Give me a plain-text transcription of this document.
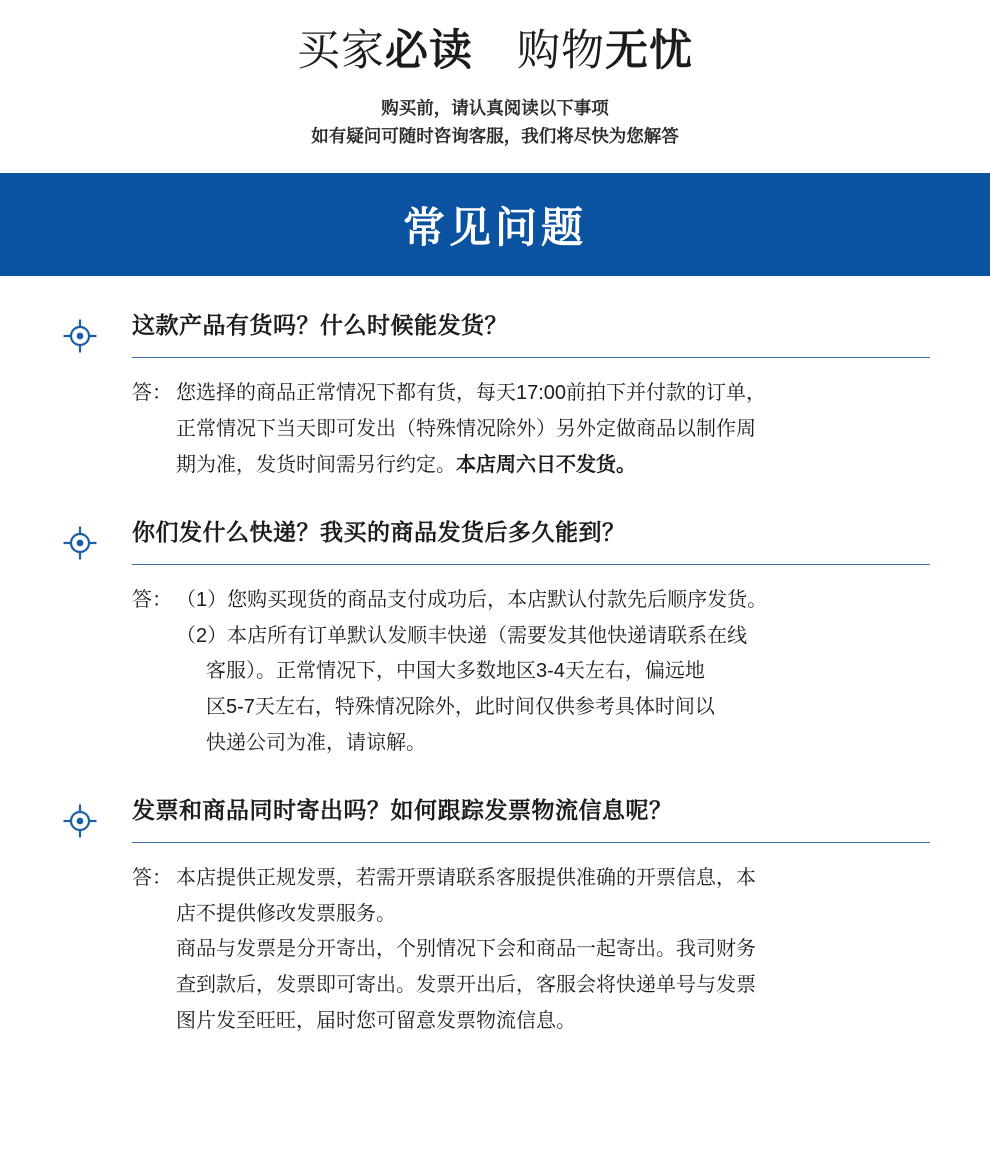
买家必读　购物无忧
购买前，请认真阅读以下事项
如有疑问可随时咨询客服，我们将尽快为您解答
常见问题
这款产品有货吗？什么时候能发货？
答： 您选择的商品正常情况下都有货，每天17:00前拍下并付款的订单，

正常情况下当天即可发出（特殊情况除外）另外定做商品以制作周

期为准，发货时间需另行约定。本店周六日不发货。

你们发什么快递？我买的商品发货后多久能到？
答： （1）您购买现货的商品支付成功后，本店默认付款先后顺序发货。

（2）本店所有订单默认发顺丰快递（需要发其他快递请联系在线

客服）。正常情况下，中国大多数地区3-4天左右，偏远地

区5-7天左右，特殊情况除外，此时间仅供参考具体时间以

快递公司为准，请谅解。

发票和商品同时寄出吗？如何跟踪发票物流信息呢？
答： 本店提供正规发票，若需开票请联系客服提供准确的开票信息，本

店不提供修改发票服务。

商品与发票是分开寄出，个别情况下会和商品一起寄出。我司财务

查到款后，发票即可寄出。发票开出后，客服会将快递单号与发票

图片发至旺旺，届时您可留意发票物流信息。
